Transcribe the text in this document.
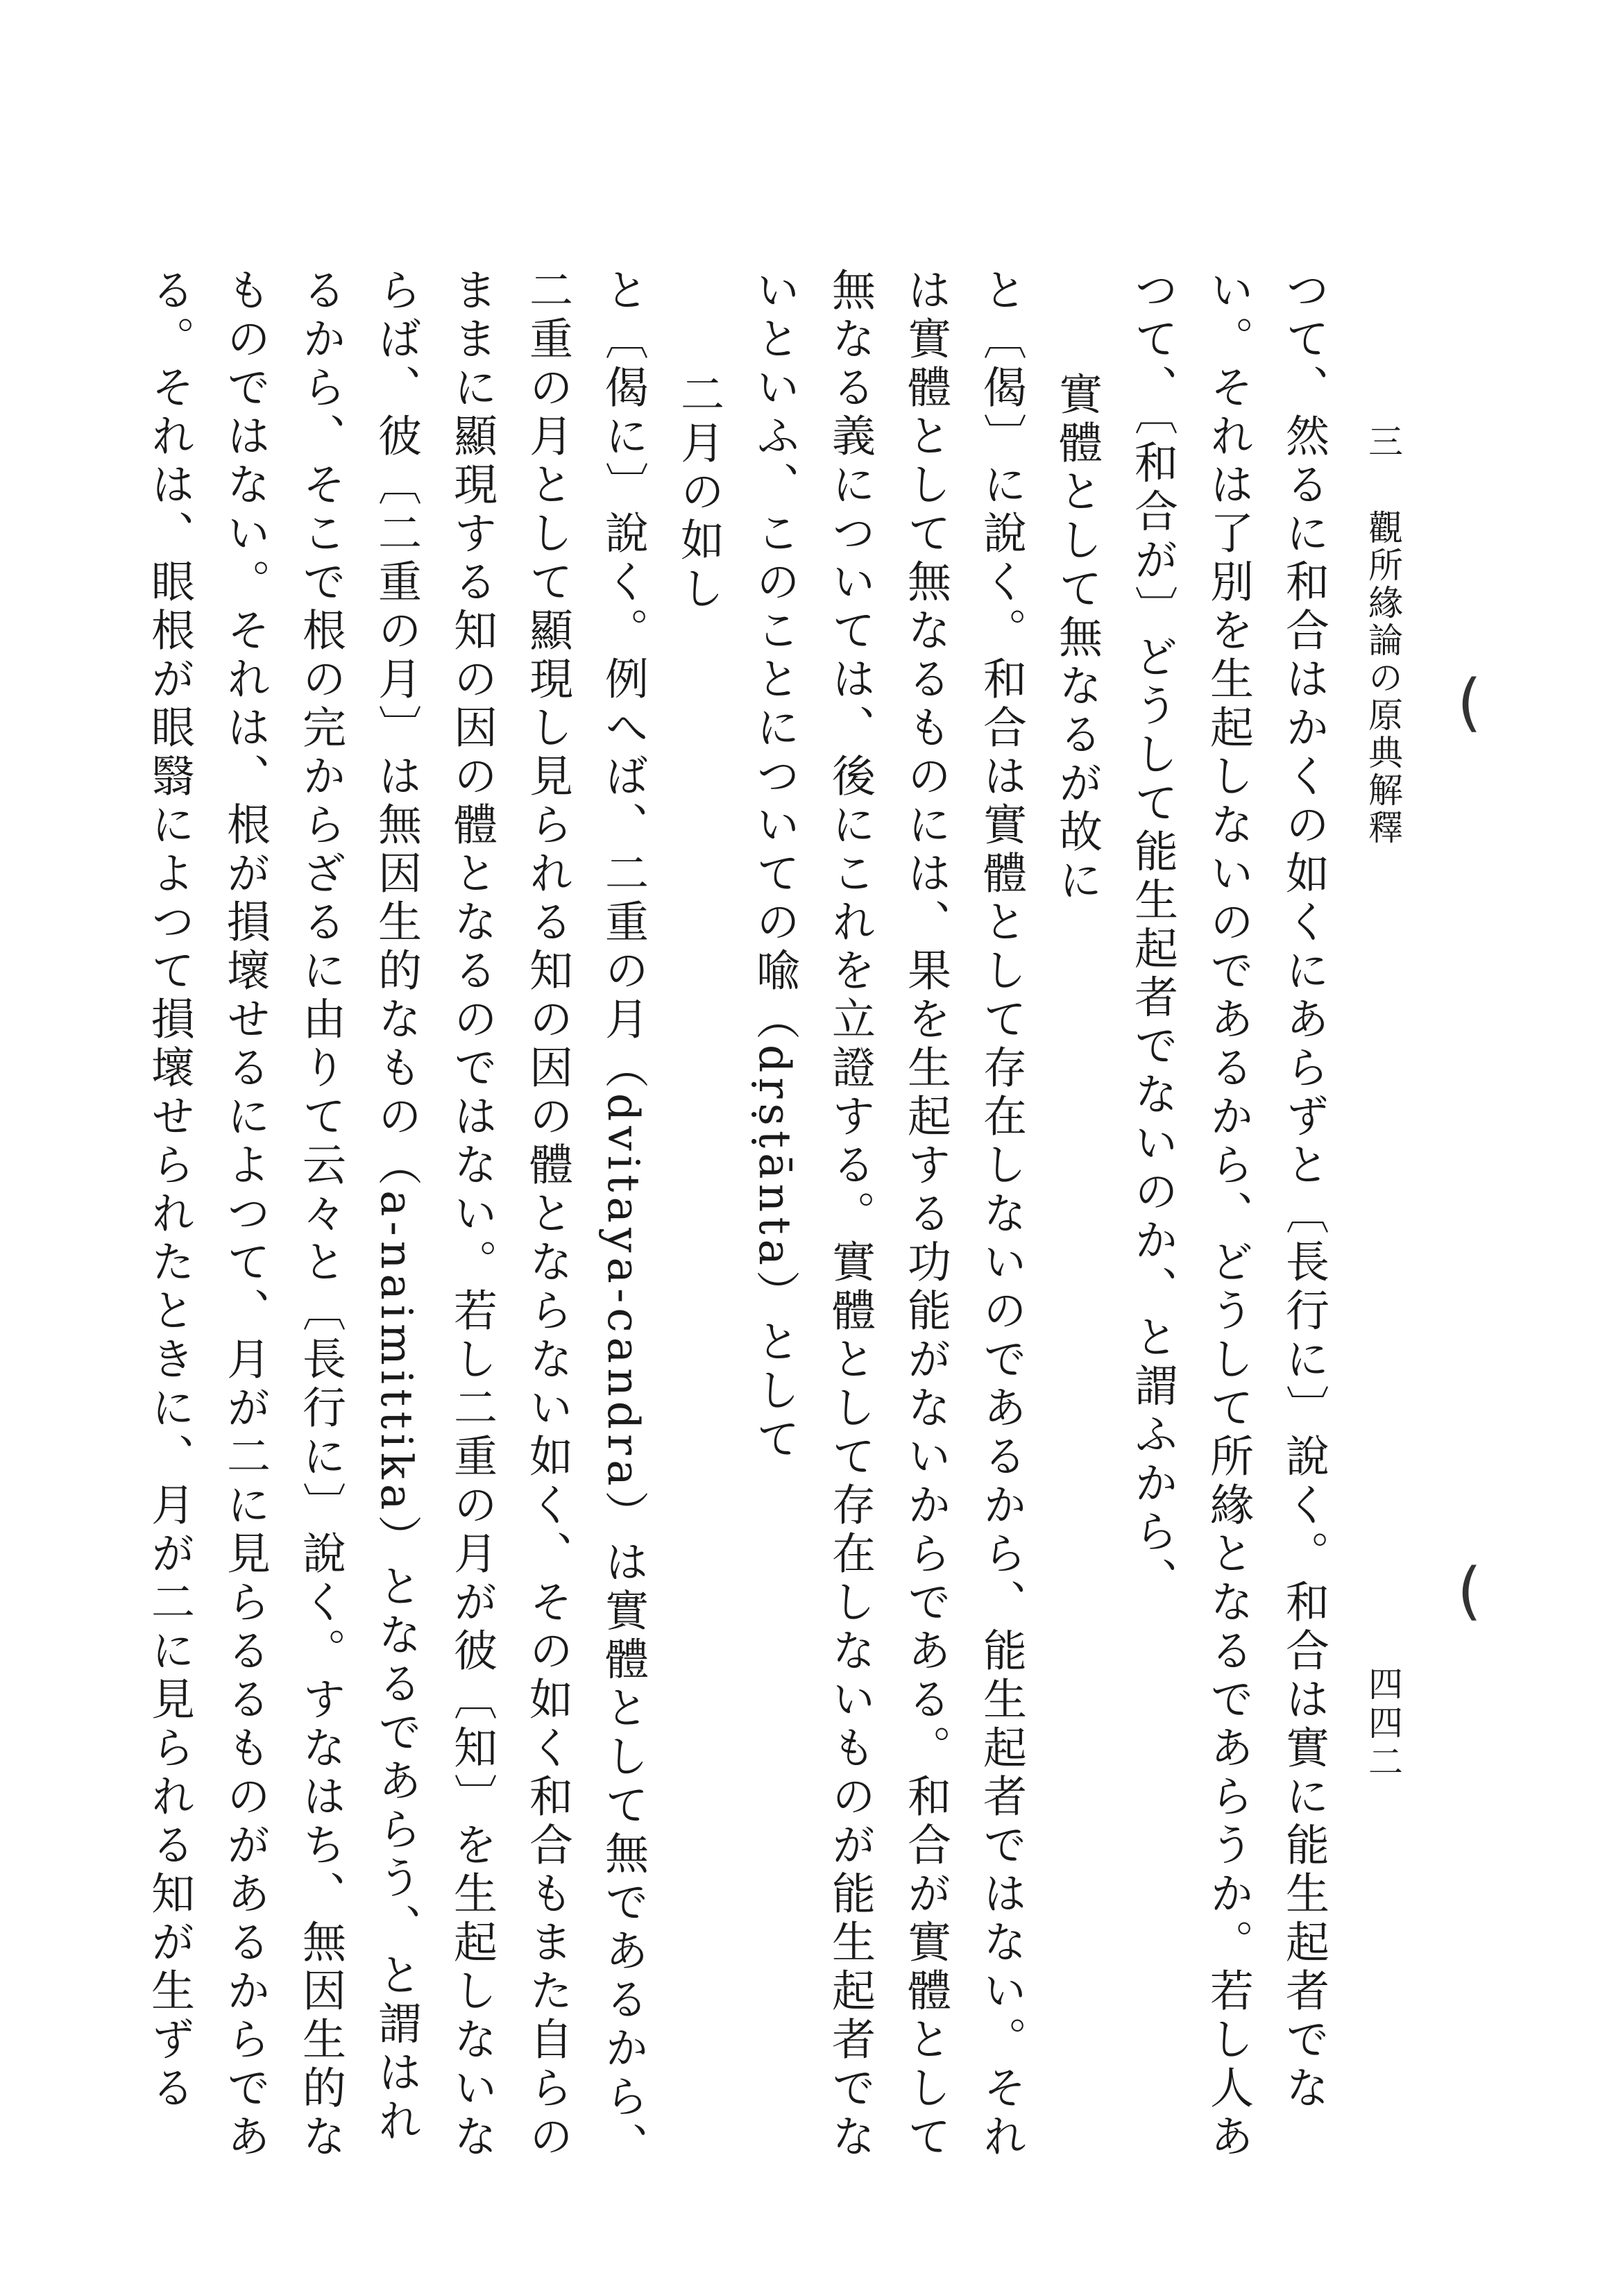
三 觀所緣論の原典解釋
四四二

つて、然るに和合はかくの如くにあらずと〔長行に〕說く。和合は實に能生起者でない。それは了別を生起しないのであるから、どうして所緣となるであらうか。若し人あつて、〔和合が〕どうして能生起者でないのか、と謂ふから、

實體として無なるが故に

と〔偈〕に說く。和合は實體として存在しないのであるから、能生起者ではない。それは實體として無なるものには、果を生起する功能がないからである。和合が實體として無なる義については、後にこれを立證する。實體として存在しないものが能生起者でないといふ、このことについての喩（dṛṣṭānta）として

二月の如し

と〔偈に〕說く。例へば、二重の月（dvitaya-candra）は實體として無であるから、二重の月として顯現し見られる知の因の體とならない如く、その如く和合もまた自らのままに顯現する知の因の體となるのではない。若し二重の月が彼〔知〕を生起しないならば、彼〔二重の月〕は無因生的なもの（a-naimittika）となるであらう、と謂はれるから、そこで根の完からざるに由りて云々と〔長行に〕說く。すなはち、無因生的なものではない。それは、根が損壞せるによつて、月が二に見らるるものがあるからである。それは、眼根が眼翳によつて損壞せられたときに、月が二に見られる知が生ずる	(
(
